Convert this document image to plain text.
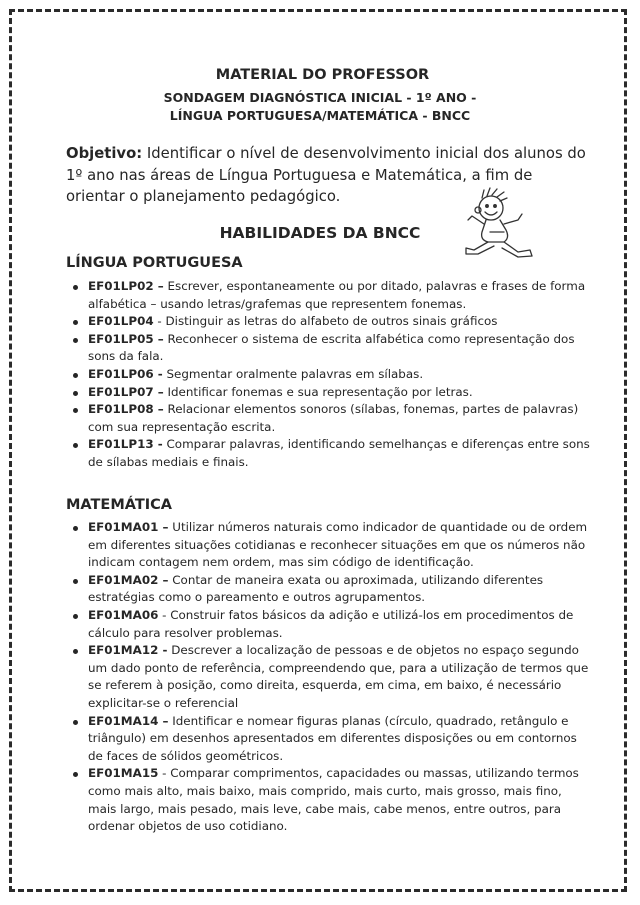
MATERIAL DO PROFESSOR
SONDAGEM DIAGNÓSTICA INICIAL - 1º ANO -
LÍNGUA PORTUGUESA/MATEMÁTICA - BNCC
Objetivo: Identificar o nível de desenvolvimento inicial dos alunos do 1º ano nas áreas de Língua Portuguesa e Matemática, a fim de orientar o planejamento pedagógico.
HABILIDADES DA BNCC
LÍNGUA PORTUGUESA
EF01LP02 – Escrever, espontaneamente ou por ditado, palavras e frases de forma alfabética – usando letras/grafemas que representem fonemas.
EF01LP04 - Distinguir as letras do alfabeto de outros sinais gráficos
EF01LP05 – Reconhecer o sistema de escrita alfabética como representação dos sons da fala.
EF01LP06 - Segmentar oralmente palavras em sílabas.
EF01LP07 – Identificar fonemas e sua representação por letras.
EF01LP08 – Relacionar elementos sonoros (sílabas, fonemas, partes de palavras) com sua representação escrita.
EF01LP13 - Comparar palavras, identificando semelhanças e diferenças entre sons de sílabas mediais e finais.
MATEMÁTICA
EF01MA01 – Utilizar números naturais como indicador de quantidade ou de ordem em diferentes situações cotidianas e reconhecer situações em que os números não indicam contagem nem ordem, mas sim código de identificação.
EF01MA02 – Contar de maneira exata ou aproximada, utilizando diferentes estratégias como o pareamento e outros agrupamentos.
EF01MA06 - Construir fatos básicos da adição e utilizá-los em procedimentos de cálculo para resolver problemas.
EF01MA12 - Descrever a localização de pessoas e de objetos no espaço segundo um dado ponto de referência, compreendendo que, para a utilização de termos que se referem à posição, como direita, esquerda, em cima, em baixo, é necessário explicitar-se o referencial
EF01MA14 – Identificar e nomear figuras planas (círculo, quadrado, retângulo e triângulo) em desenhos apresentados em diferentes disposições ou em contornos de faces de sólidos geométricos.
EF01MA15 - Comparar comprimentos, capacidades ou massas, utilizando termos como mais alto, mais baixo, mais comprido, mais curto, mais grosso, mais fino, mais largo, mais pesado, mais leve, cabe mais, cabe menos, entre outros, para ordenar objetos de uso cotidiano.
